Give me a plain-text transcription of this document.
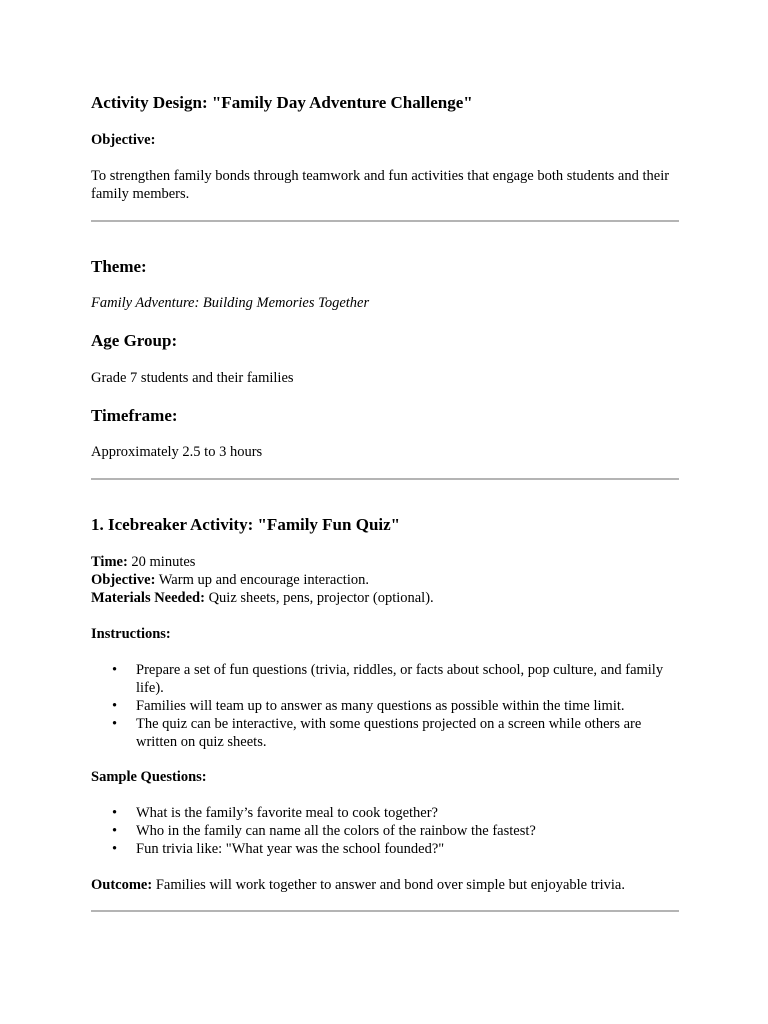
Activity Design: "Family Day Adventure Challenge"
Objective:

To strengthen family bonds through teamwork and fun activities that engage both students and their family members.

Theme:

Family Adventure: Building Memories Together

Age Group:

Grade 7 students and their families

Timeframe:

Approximately 2.5 to 3 hours

1. Icebreaker Activity: "Family Fun Quiz"
Time: 20 minutes
Objective: Warm up and encourage interaction.
Materials Needed: Quiz sheets, pens, projector (optional).
Instructions:
• Prepare a set of fun questions (trivia, riddles, or facts about school, pop culture, and family life).
• Families will team up to answer as many questions as possible within the time limit.
• The quiz can be interactive, with some questions projected on a screen while others are written on quiz sheets.
Sample Questions:
• What is the family’s favorite meal to cook together?
• Who in the family can name all the colors of the rainbow the fastest?
• Fun trivia like: "What year was the school founded?"
Outcome: Families will work together to answer and bond over simple but enjoyable trivia.
